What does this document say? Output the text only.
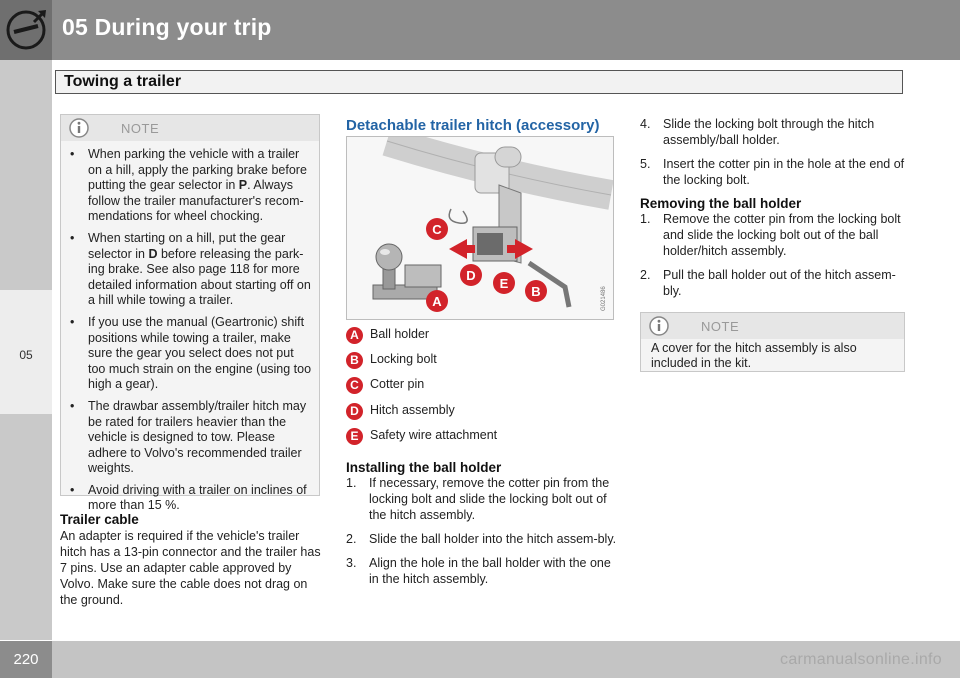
05 During your trip
05
Towing a trailer
NOTE
• When parking the vehicle with a trailer on a hill, apply the parking brake before putting the gear selector in P. Always follow the trailer manufacturer's recom-mendations for wheel chocking.
• When starting on a hill, put the gear selector in D before releasing the park-ing brake. See also page 118 for more detailed information about starting off on a hill while towing a trailer.
• If you use the manual (Geartronic) shift positions while towing a trailer, make sure the gear you select does not put too much strain on the engine (using too high a gear).
• The drawbar assembly/trailer hitch may be rated for trailers heavier than the vehicle is designed to tow. Please adhere to Volvo's recommended trailer weights.
• Avoid driving with a trailer on inclines of more than 15 %.
Trailer cable

An adapter is required if the vehicle's trailer hitch has a 13-pin connector and the trailer has 7 pins. Use an adapter cable approved by Volvo. Make sure the cable does not drag on the ground.

Detachable trailer hitch (accessory)
G021486
C
D
E
B
A
A Ball holder
B Locking bolt
C Cotter pin
D Hitch assembly
E Safety wire attachment
Installing the ball holder
1. If necessary, remove the cotter pin from the locking bolt and slide the locking bolt out of the hitch assembly.
2. Slide the ball holder into the hitch assem-bly.
3. Align the hole in the ball holder with the one in the hitch assembly.
4. Slide the locking bolt through the hitch assembly/ball holder.
5. Insert the cotter pin in the hole at the end of the locking bolt.
Removing the ball holder
1. Remove the cotter pin from the locking bolt and slide the locking bolt out of the ball holder/hitch assembly.
2. Pull the ball holder out of the hitch assem-bly.
NOTE

A cover for the hitch assembly is also included in the kit.

220	carmanualsonline.info
